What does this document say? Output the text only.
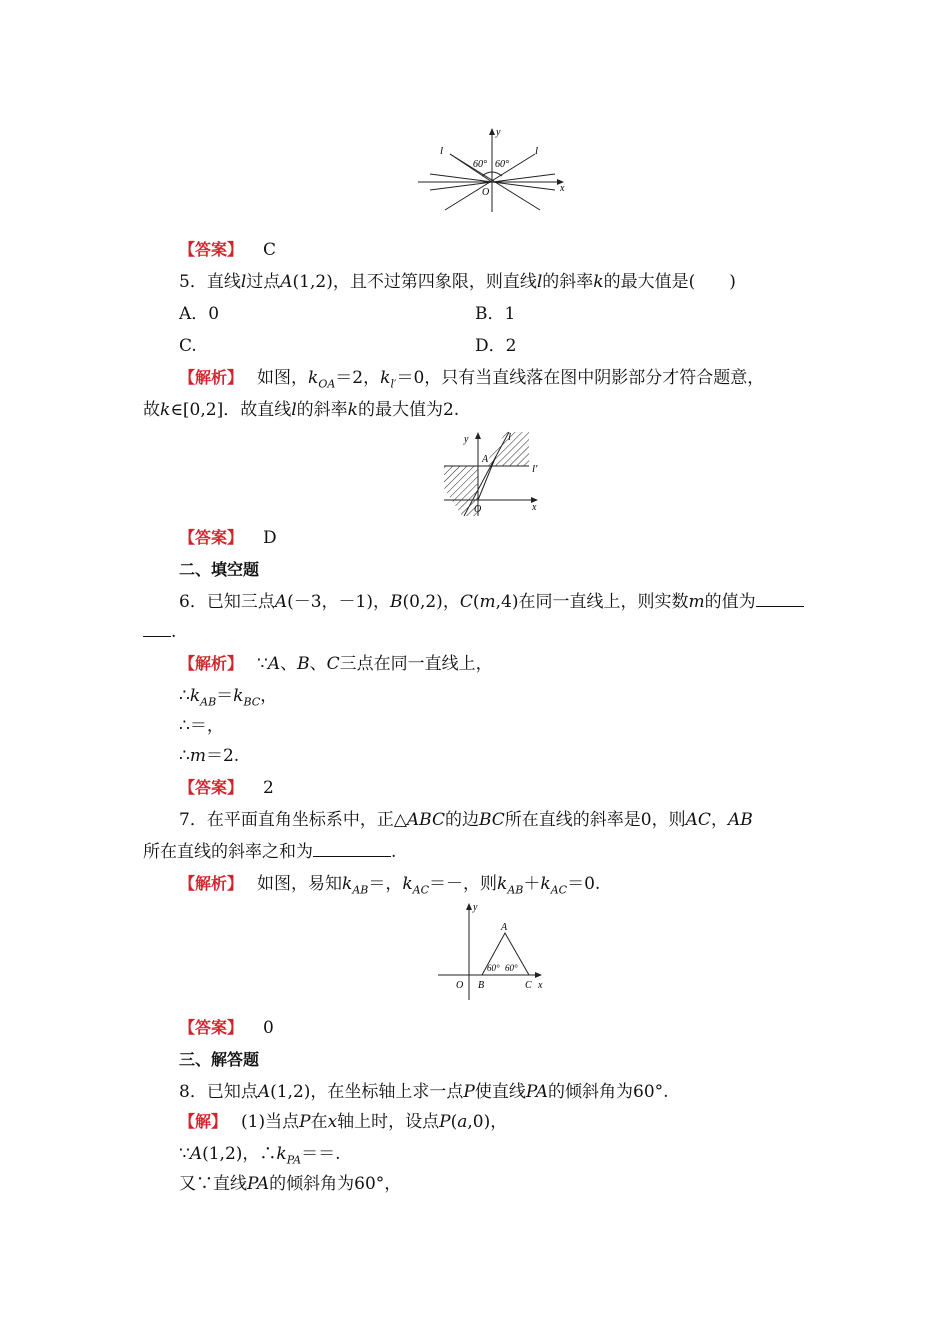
y
x
O
l	l
60° 60°
【答案】 C
5．直线l过点A(1,2)，且不过第四象限，则直线l的斜率k的最大值是(　　)
A．0	B．1
C.	D．2
【解析】 如图，$k_{OA}=2$，$k_{l'}=0$，只有当直线落在图中阴影部分才符合题意，
故k∈[0,2]．故直线l的斜率k的最大值为2.
y
x
O
A
l
l′
【答案】 D
二、填空题
6．已知三点A(－3，－1)，B(0,2)，C(m,4)在同一直线上，则实数m的值为
.
【解析】 ∵A、B、C三点在同一直线上，
$\therefore k_{AB}=k_{BC}$，
∴＝，
∴m＝2.
【答案】 2
7．在平面直角坐标系中，正△ABC的边BC所在直线的斜率是0，则AC，AB
所在直线的斜率之和为	.
【解析】 如图，易知$k_{AB}=$，$k_{AC}=-$，则$k_{AB}+k_{AC}=0$.
y
x
O
A
B	C
60° 60°
【答案】 0
三、解答题
8．已知点A(1,2)，在坐标轴上求一点P使直线PA的倾斜角为60°.
【解】 (1)当点P在x轴上时，设点P(a,0)，
∵A(1,2)，$\therefore k_{PA}==$.
又∵直线PA的倾斜角为60°，
